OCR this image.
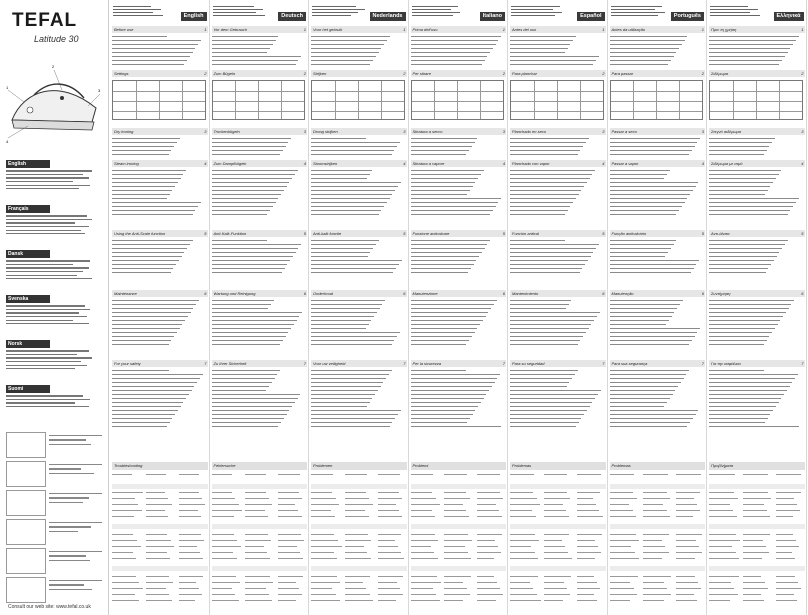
TEFAL
Latitude 30
1
2
3
4
English
Français
Dansk
Svenska
Norsk
Suomi
Consult our web site: www.tefal.co.uk
English
Before use	1
Settings	2
Dry ironing	3
Steam ironing	4
Using the Anti-Scale function	5
Maintenance	6
For your safety	7
Troubleshooting
Deutsch
Vor dem Gebrauch	1
Zum Bügeln	2
Trockenbügeln	3
Zum Dampfbügeln	4
Anti-Kalk-Funktion	5
Wartung und Reinigung	6
Zu Ihrer Sicherheit	7
Fehlersuche
Nederlands
Voor het gebruik	1
Strijken	2
Droog strijken	3
Stoomstrijken	4
Anti-kalk functie	5
Onderhoud	6
Voor uw veiligheid	7
Problemen
Italiano
Prima dell'uso	1
Per stirare	2
Stiratura a secco	3
Stiratura a vapore	4
Funzione anticalcare	5
Manutenzione	6
Per la sicurezza	7
Problemi
Español
Antes del uso	1
Para planchar	2
Planchado en seco	3
Planchado con vapor	4
Función antical	5
Mantenimiento	6
Para su seguridad	7
Problemas
Português
Antes da utilização	1
Para passar	2
Passar a seco	3
Passar a vapor	4
Função anticalcário	5
Manutenção	6
Para sua segurança	7
Problemas
Ελληνικά
Πριν τη χρήση	1
Σιδέρωμα	2
Στεγνό σιδέρωμα	3
Σιδέρωμα με ατμό	4
Αντι-άλατα	5
Συντήρηση	6
Για την ασφάλεια	7
Προβλήματα
